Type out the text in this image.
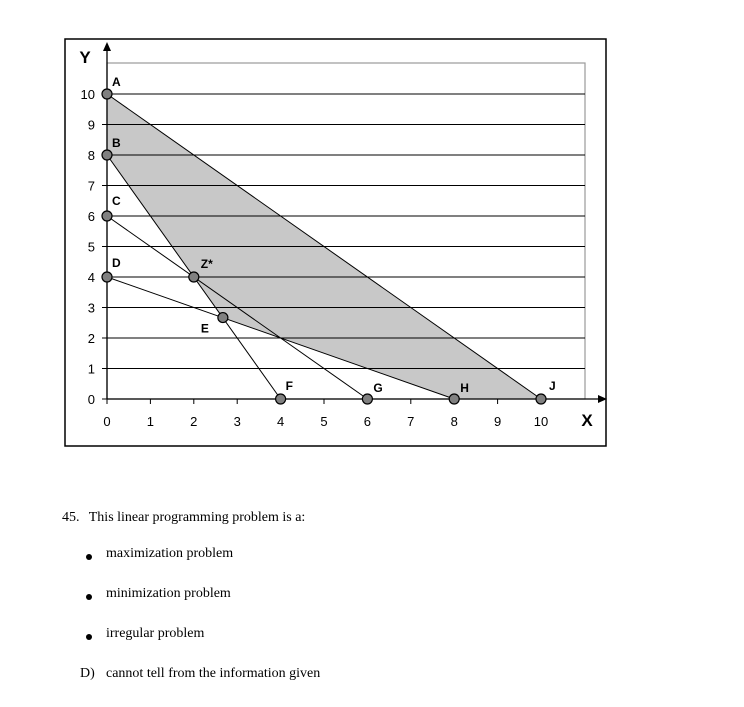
0	1	2	3	4	5	6	7	8	9	10
0
1
2
3
4
5
6
7
8
9
10
X
Y
A
B
C
D	Z*
E
F	G	H	J
45. This linear programming problem is a:
maximization problem
minimization problem
irregular problem
D) cannot tell from the information given
